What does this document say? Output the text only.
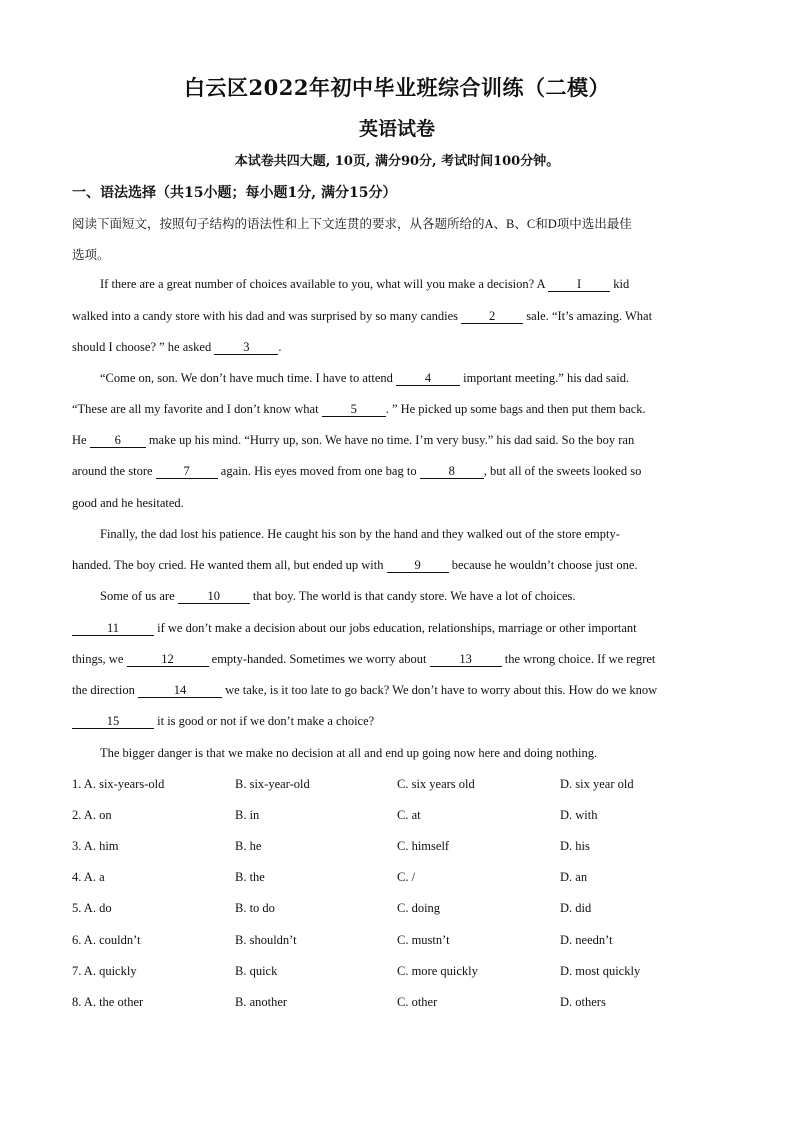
白云区2022年初中毕业班综合训练（二模）
英语试卷
本试卷共四大题, 10页, 满分90分, 考试时间100分钟。
一、语法选择（共15小题；每小题1分, 满分15分）
阅读下面短文，按照句子结构的语法性和上下文连贯的要求，从各题所给的A、B、C和D项中选出最佳
选项。
If there are a great number of choices available to you, what will you make a decision? A I kid
walked into a candy store with his dad and was surprised by so many candies 2 sale. “It’s amazing. What
should I choose? ” he asked 3 .
“Come on, son. We don’t have much time. I have to attend 4 important meeting.” his dad said.
“These are all my favorite and I don’t know what 5 . ” He picked up some bags and then put them back.
He 6 make up his mind. “Hurry up, son. We have no time. I’m very busy.” his dad said. So the boy ran
around the store 7 again. His eyes moved from one bag to 8 , but all of the sweets looked so
good and he hesitated.
Finally, the dad lost his patience. He caught his son by the hand and they walked out of the store empty-
handed. The boy cried. He wanted them all, but ended up with 9 because he wouldn’t choose just one.
Some of us are 10 that boy. The world is that candy store. We have a lot of choices.
11	if we don’t make a decision about our jobs education, relationships, marriage or other important
things, we	12	empty-handed. Sometimes we worry about 13 the wrong choice. If we regret
the direction	14	we take, is it too late to go back? We don’t have to worry about this. How do we know
15	it is good or not if we don’t make a choice?
The bigger danger is that we make no decision at all and end up going now here and doing nothing.
1. A. six-years-old	B. six-year-old	C. six years old	D. six year old
2. A. on	B. in	C. at	D. with
3. A. him	B. he	C. himself	D. his
4. A. a	B. the	C. /	D. an
5. A. do	B. to do	C. doing	D. did
6. A. couldn’t	B. shouldn’t	C. mustn’t	D. needn’t
7. A. quickly	B. quick	C. more quickly	D. most quickly
8. A. the other	B. another	C. other	D. others
